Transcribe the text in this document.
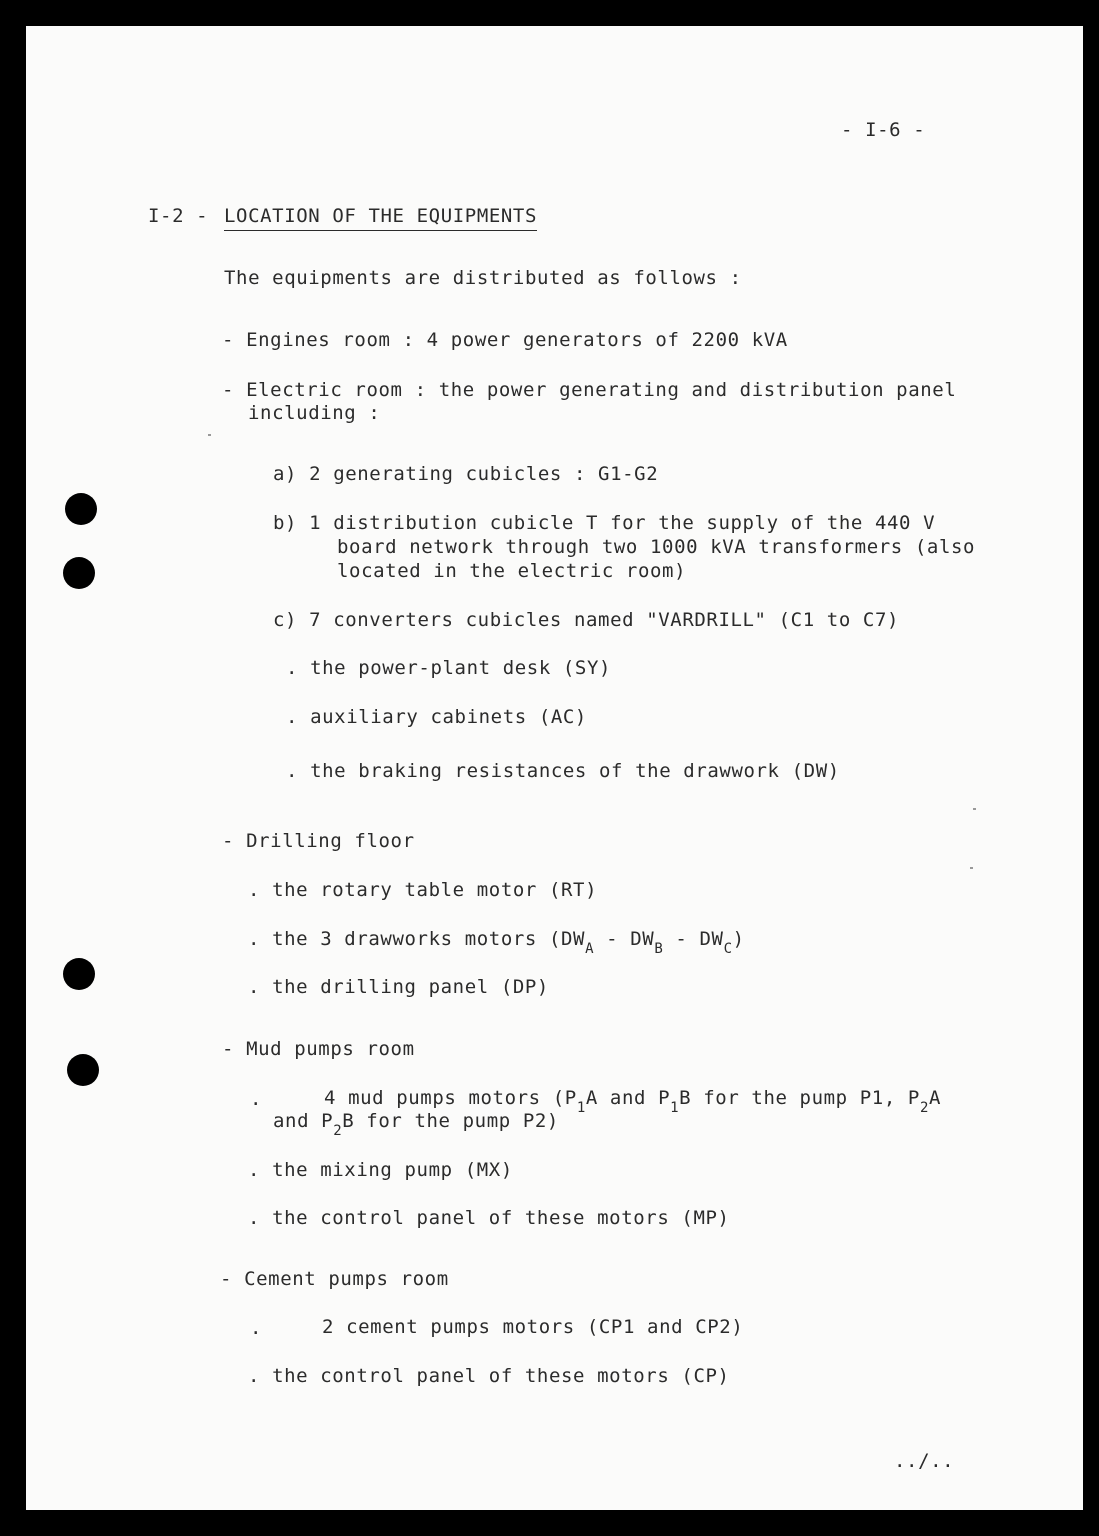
- I-6 -
I-2 - LOCATION OF THE EQUIPMENTS
The equipments are distributed as follows :
- Engines room : 4 power generators of 2200 kVA
- Electric room : the power generating and distribution panel
including :
a) 2 generating cubicles : G1-G2
b) 1 distribution cubicle T for the supply of the 440 V
board network through two 1000 kVA transformers (also
located in the electric room)
c) 7 converters cubicles named "VARDRILL" (C1 to C7)
. the power-plant desk (SY)
. auxiliary cabinets (AC)
. the braking resistances of the drawwork (DW)
- Drilling floor
. the rotary table motor (RT)
. the 3 drawworks motors $(DW_A - DW_B - DW_C)$
. the drilling panel (DP)
- Mud pumps room
.	4 mud pumps motors ($P_1A$ and $P_1B$ for the pump P1, $P_2A$
and $P_2B$ for the pump P2)
. the mixing pump (MX)
. the control panel of these motors (MP)
- Cement pumps room
.	2 cement pumps motors (CP1 and CP2)
. the control panel of these motors (CP)
../..
